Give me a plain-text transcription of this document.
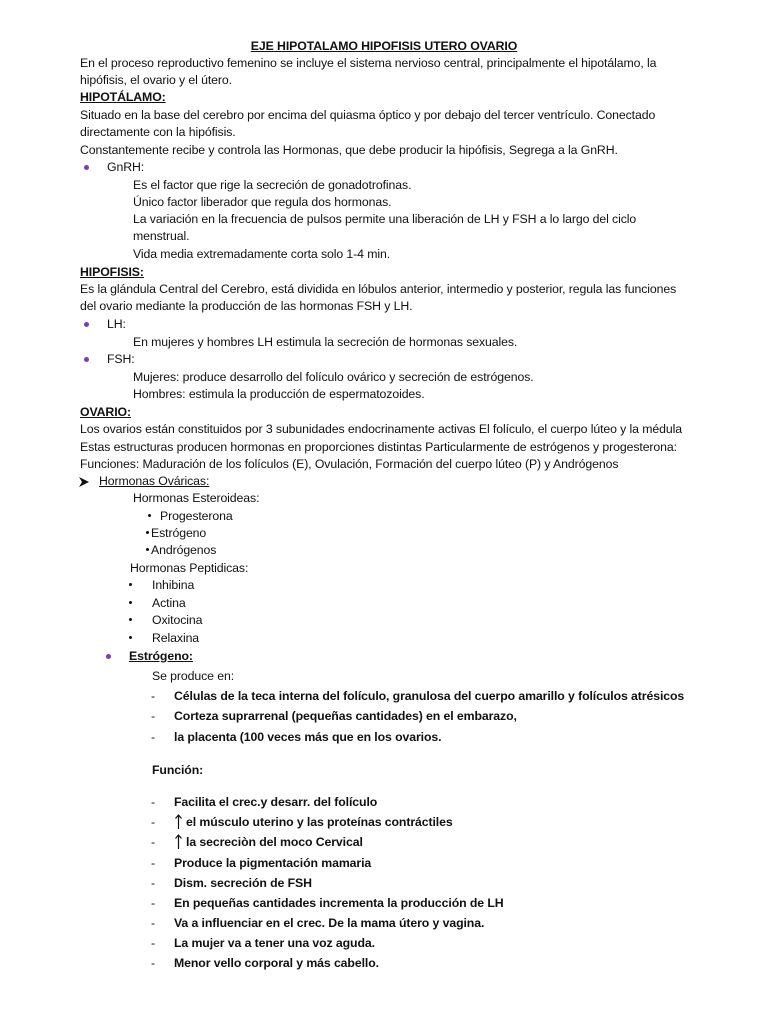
EJE HIPOTALAMO HIPOFISIS UTERO OVARIO
En el proceso reproductivo femenino se incluye el sistema nervioso central, principalmente el hipotálamo, la
hipófisis, el ovario y el útero.
HIPOTÁLAMO:
Situado en la base del cerebro por encima del quiasma óptico y por debajo del tercer ventrículo. Conectado
directamente con la hipófisis.
Constantemente recibe y controla las Hormonas, que debe producir la hipófisis, Segrega a la GnRH.
GnRH:
Es el factor que rige la secreción de gonadotrofinas.
Único factor liberador que regula dos hormonas.
La variación en la frecuencia de pulsos permite una liberación de LH y FSH a lo largo del ciclo
menstrual.
Vida media extremadamente corta solo 1-4 min.
HIPOFISIS:
Es la glándula Central del Cerebro, está dividida en lóbulos anterior, intermedio y posterior, regula las funciones
del ovario mediante la producción de las hormonas FSH y LH.
LH:
En mujeres y hombres LH estimula la secreción de hormonas sexuales.
FSH:
Mujeres: produce desarrollo del folículo ovárico y secreción de estrógenos.
Hombres: estimula la producción de espermatozoides.
OVARIO:
Los ovarios están constituidos por 3 subunidades endocrinamente activas El folículo, el cuerpo lúteo y la médula
Estas estructuras producen hormonas en proporciones distintas Particularmente de estrógenos y progesterona:
Funciones: Maduración de los folículos (E), Ovulación, Formación del cuerpo lúteo (P) y Andrógenos
Hormonas Ováricas:
Hormonas Esteroideas:
Progesterona
Estrógeno
Andrógenos
Hormonas Peptidicas:
Inhibina
Actina
Oxitocina
Relaxina
Estrógeno:
Se produce en:
- Células de la teca interna del folículo, granulosa del cuerpo amarillo y folículos atrésicos
- Corteza suprarrenal (pequeñas cantidades) en el embarazo,
- la placenta (100 veces más que en los ovarios.
Función:
- Facilita el crec.y desarr. del folículo
-	el músculo uterino y las proteínas contráctiles
-	la secreciòn del moco Cervical
- Produce la pigmentación mamaria
- Dism. secreción de FSH
- En pequeñas cantidades incrementa la producción de LH
- Va a influenciar en el crec. De la mama útero y vagina.
- La mujer va a tener una voz aguda.
- Menor vello corporal y más cabello.
